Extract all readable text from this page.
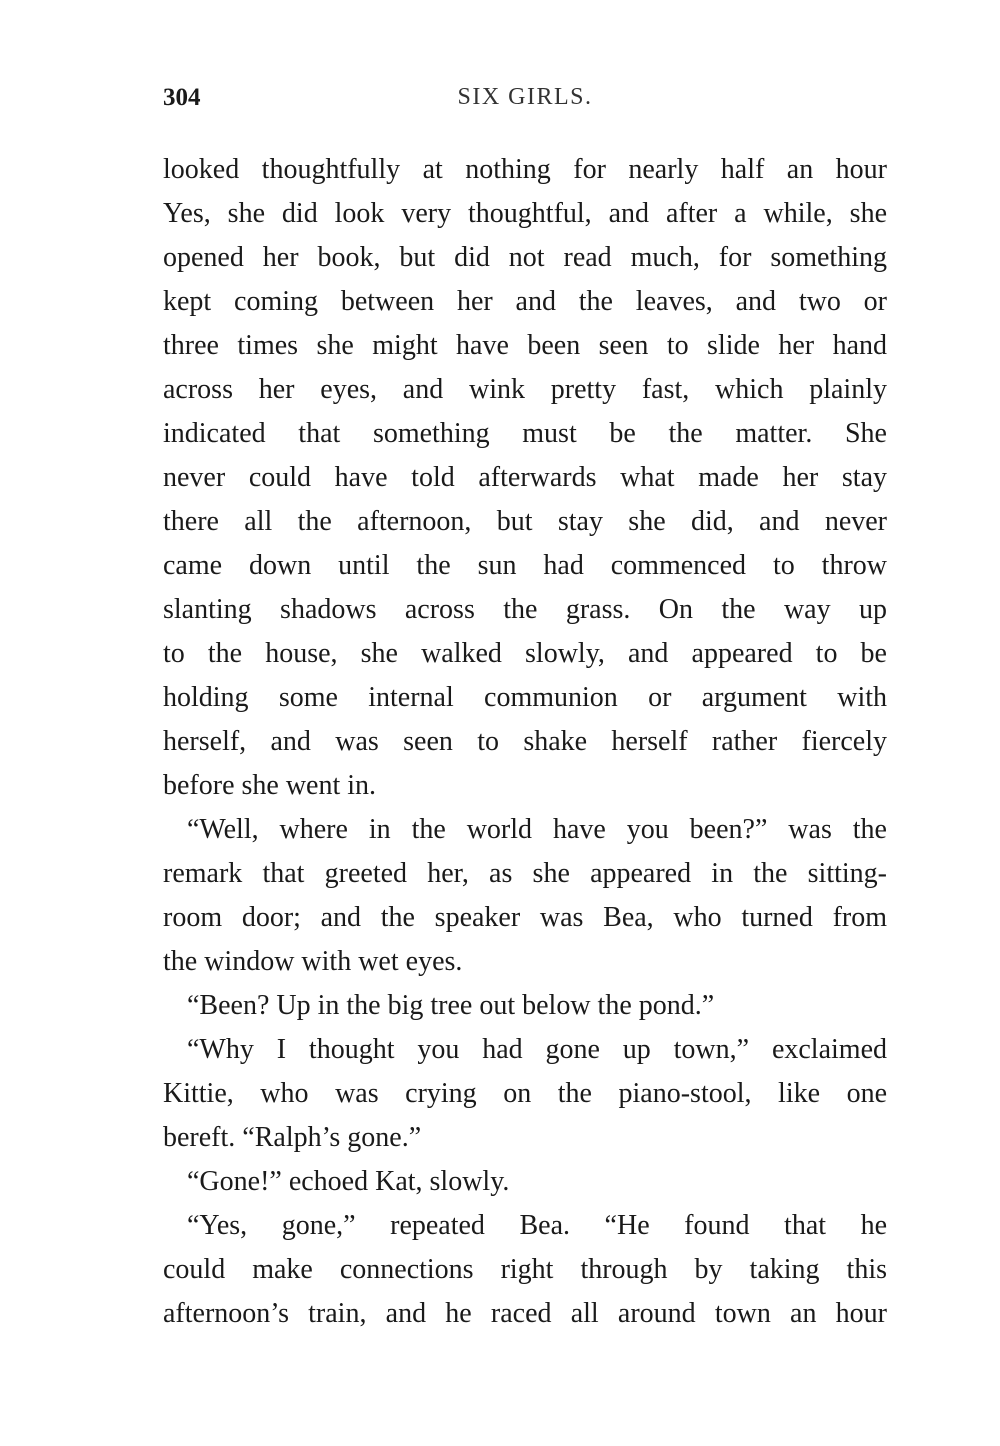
304	SIX GIRLS.
looked thoughtfully at nothing for nearly half an hour
Yes, she did look very thoughtful, and after a while, she
opened her book, but did not read much, for something
kept coming between her and the leaves, and two or
three times she might have been seen to slide her hand
across her eyes, and wink pretty fast, which plainly
indicated that something must be the matter. She
never could have told afterwards what made her stay
there all the afternoon, but stay she did, and never
came down until the sun had commenced to throw
slanting shadows across the grass. On the way up
to the house, she walked slowly, and appeared to be
holding some internal communion or argument with
herself, and was seen to shake herself rather fiercely
before she went in.
“Well, where in the world have you been?” was the
remark that greeted her, as she appeared in the sitting-
room door; and the speaker was Bea, who turned from
the window with wet eyes.
“Been? Up in the big tree out below the pond.”
“Why I thought you had gone up town,” exclaimed
Kittie, who was crying on the piano-stool, like one
bereft. “Ralph’s gone.”
“Gone!” echoed Kat, slowly.
“Yes, gone,” repeated Bea. “He found that he
could make connections right through by taking this
afternoon’s train, and he raced all around town an hour
